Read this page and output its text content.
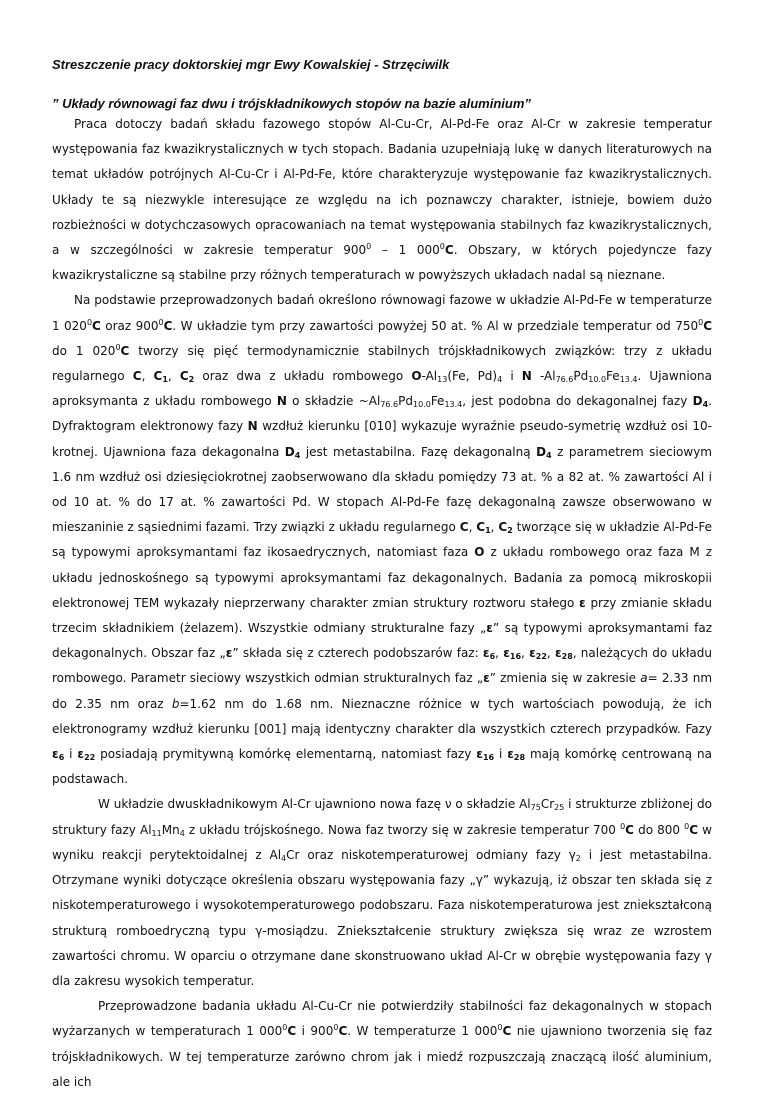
Streszczenie pracy doktorskiej mgr Ewy Kowalskiej - Strzęciwilk

” Układy równowagi faz dwu i trójskładnikowych stopów na bazie aluminium”

Praca dotoczy badań składu fazowego stopów Al-Cu-Cr, Al-Pd-Fe oraz Al-Cr w zakresie temperatur występowania faz kwazikrystalicznych w tych stopach. Badania uzupełniają lukę w danych literaturowych na temat układów potrójnych Al-Cu-Cr i Al-Pd-Fe, które charakteryzuje występowanie faz kwazikrystalicznych. Układy te są niezwykle interesujące ze względu na ich poznawczy charakter, istnieje, bowiem dużo rozbieżności w dotychczasowych opracowaniach na temat występowania stabilnych faz kwazikrystalicznych, a w szczególności w zakresie temperatur $900^0 - 1$ $000^0C$. Obszary, w których pojedyncze fazy kwazikrystaliczne są stabilne przy różnych temperaturach w powyższych układach nadal są nieznane.

Na podstawie przeprowadzonych badań określono równowagi fazowe w układzie Al-Pd-Fe w temperaturze 1 $020^0C$ oraz $900^0C$. W układzie tym przy zawartości powyżej 50 at. % Al w przedziale temperatur od $750^0C$ do 1 $020^0C$ tworzy się pięć termodynamicznie stabilnych trójskładnikowych związków: trzy z układu regularnego C, $C_1$, $C_2$ oraz dwa z układu rombowego $O-Al_{13}(Fe$, $Pd)_4$ i N $-Al_{76.6}Pd_{10.0}Fe_{13.4}$. Ujawniona aproksymanta z układu rombowego N o składzie $\sim Al_{76.6}Pd_{10.0}Fe_{13.4}$, jest podobna do dekagonalnej fazy $D_4$. Dyfraktogram elektronowy fazy N wzdłuż kierunku [010] wykazuje wyraźnie pseudo-symetrię wzdłuż osi 10-krotnej. Ujawniona faza dekagonalna $D_4$ jest metastabilna. Fazę dekagonalną $D_4$ z parametrem sieciowym 1.6 nm wzdłuż osi dziesięciokrotnej zaobserwowano dla składu pomiędzy 73 at. % a 82 at. % zawartości Al i od 10 at. % do 17 at. % zawartości Pd. W stopach Al-Pd-Fe fazę dekagonalną zawsze obserwowano w mieszaninie z sąsiednimi fazami. Trzy związki z układu regularnego C, $C_1$, $C_2$ tworzące się w układzie Al-Pd-Fe są typowymi aproksymantami faz ikosaedrycznych, natomiast faza O z układu rombowego oraz faza M z układu jednoskośnego są typowymi aproksymantami faz dekagonalnych. Badania za pomocą mikroskopii elektronowej TEM wykazały nieprzerwany charakter zmian struktury roztworu stałego ε przy zmianie składu trzecim składnikiem (żelazem). Wszystkie odmiany strukturalne fazy „ε” są typowymi aproksymantami faz dekagonalnych. Obszar faz „ε” składa się z czterech podobszarów faz: $\varepsilon_6$, $\varepsilon_{16}$, $\varepsilon_{22}$, $\varepsilon_{28}$, należących do układu rombowego. Parametr sieciowy wszystkich odmian strukturalnych faz „ε” zmienia się w zakresie a= 2.33 nm do 2.35 nm oraz b=1.62 nm do 1.68 nm. Nieznaczne różnice w tych wartościach powodują, że ich elektronogramy wzdłuż kierunku [001] mają identyczny charakter dla wszystkich czterech przypadków. Fazy $\varepsilon_6$ i $\varepsilon_{22}$ posiadają prymitywną komórkę elementarną, natomiast fazy $\varepsilon_{16}$ i $\varepsilon_{28}$ mają komórkę centrowaną na podstawach.

W układzie dwuskładnikowym Al-Cr ujawniono nowa fazę ν o składzie $Al_{75}Cr_{25}$ i strukturze zbliżonej do struktury fazy $Al_{11}Mn_4$ z układu trójskośnego. Nowa faz tworzy się w zakresie temperatur 700 $^0$C do 800 $^0$C w wyniku reakcji perytektoidalnej z $Al_4Cr$ oraz niskotemperaturowej odmiany fazy $\gamma_2$ i jest metastabilna. Otrzymane wyniki dotyczące określenia obszaru występowania fazy „γ” wykazują, iż obszar ten składa się z niskotemperaturowego i wysokotemperaturowego podobszaru. Faza niskotemperaturowa jest zniekształconą strukturą romboedryczną typu γ-mosiądzu. Zniekształcenie struktury zwiększa się wraz ze wzrostem zawartości chromu. W oparciu o otrzymane dane skonstruowano układ Al-Cr w obrębie występowania fazy γ dla zakresu wysokich temperatur.

Przeprowadzone badania układu Al-Cu-Cr nie potwierdziły stabilności faz dekagonalnych w stopach wyżarzanych w temperaturach 1 $000^0C$ i $900^0C$. W temperaturze 1 $000^0C$ nie ujawniono tworzenia się faz trójskładnikowych. W tej temperaturze zarówno chrom jak i miedź rozpuszczają znaczącą ilość aluminium, ale ich
